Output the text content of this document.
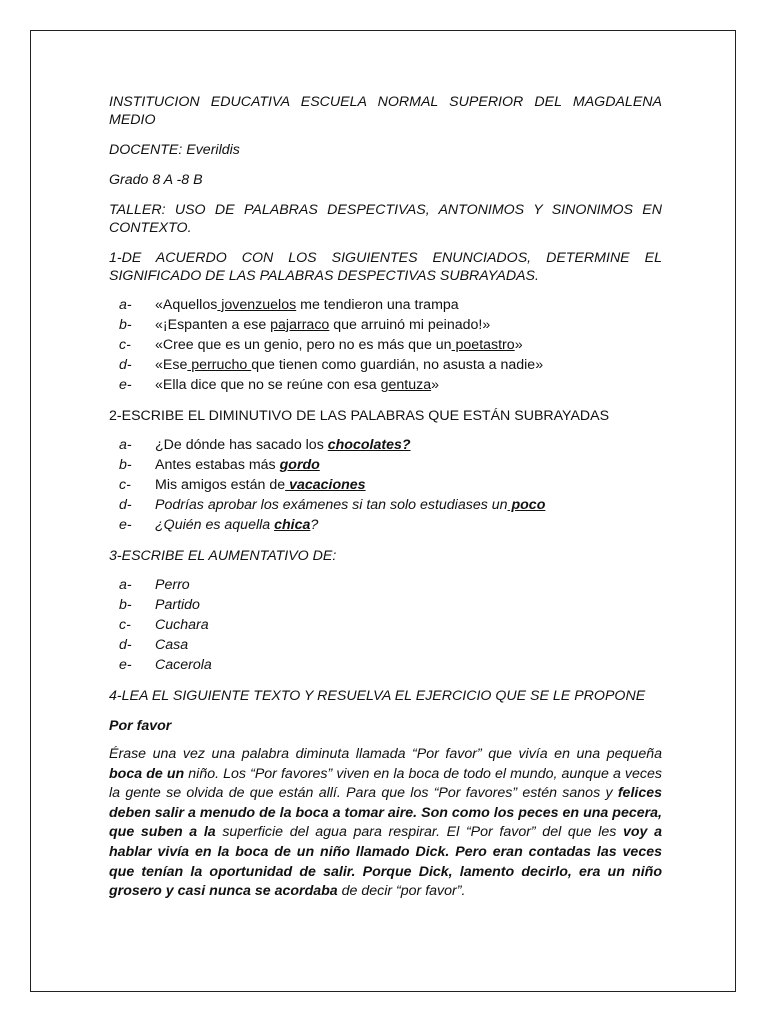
INSTITUCION EDUCATIVA ESCUELA NORMAL SUPERIOR DEL MAGDALENA MEDIO

DOCENTE: Everildis

Grado 8 A -8 B

TALLER: USO DE PALABRAS DESPECTIVAS, ANTONIMOS Y SINONIMOS EN CONTEXTO.

1-DE ACUERDO CON LOS SIGUIENTES ENUNCIADOS, DETERMINE EL SIGNIFICADO DE LAS PALABRAS DESPECTIVAS SUBRAYADAS.

a-	«Aquellos jovenzuelos me tendieron una trampa
b-	«¡Espanten a ese pajarraco que arruinó mi peinado!»
c-	«Cree que es un genio, pero no es más que un poetastro»
d-	«Ese perrucho que tienen como guardián, no asusta a nadie»
e-	«Ella dice que no se reúne con esa gentuza»

2-ESCRIBE EL DIMINUTIVO DE LAS PALABRAS QUE ESTÁN SUBRAYADAS

a-	¿De dónde has sacado los chocolates?
b-	Antes estabas más gordo
c-	Mis amigos están de vacaciones
d-	Podrías aprobar los exámenes si tan solo estudiases un poco
e-	¿Quién es aquella chica?

3-ESCRIBE EL AUMENTATIVO DE:

a-	Perro
b-	Partido
c-	Cuchara
d-	Casa
e-	Cacerola

4-LEA EL SIGUIENTE TEXTO Y RESUELVA EL EJERCICIO QUE SE LE PROPONE

Por favor

Érase una vez una palabra diminuta llamada “Por favor” que vivía en una pequeña boca de un niño. Los “Por favores” viven en la boca de todo el mundo, aunque a veces la gente se olvida de que están allí. Para que los “Por favores” estén sanos y felices deben salir a menudo de la boca a tomar aire. Son como los peces en una pecera, que suben a la superficie del agua para respirar. El “Por favor” del que les voy a hablar vivía en la boca de un niño llamado Dick. Pero eran contadas las veces que tenían la oportunidad de salir. Porque Dick, lamento decirlo, era un niño grosero y casi nunca se acordaba de decir “por favor”.
